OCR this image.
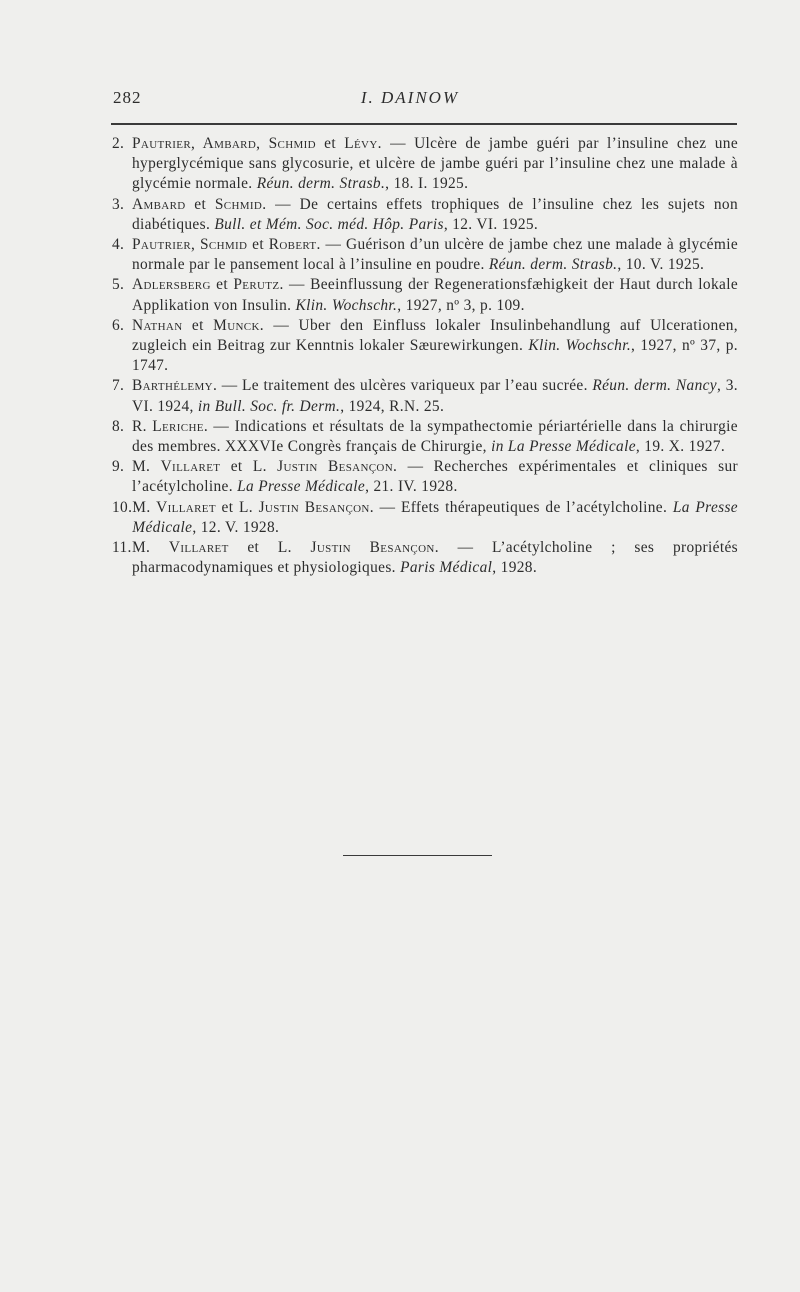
282	I. DAINOW
2. Pautrier, Ambard, Schmid et Lévy. — Ulcère de jambe guéri par l’insuline chez une hyperglycémique sans glycosurie, et ulcère de jambe guéri par l’insuline chez une malade à glycémie normale. Réun. derm. Strasb., 18. I. 1925.
3. Ambard et Schmid. — De certains effets trophiques de l’insuline chez les sujets non diabétiques. Bull. et Mém. Soc. méd. Hôp. Paris, 12. VI. 1925.
4. Pautrier, Schmid et Robert. — Guérison d’un ulcère de jambe chez une malade à glycémie normale par le pansement local à l’insuline en poudre. Réun. derm. Strasb., 10. V. 1925.
5. Adlersberg et Perutz. — Beeinflussung der Regenerationsfæhigkeit der Haut durch lokale Applikation von Insulin. Klin. Wochschr., 1927, nº 3, p. 109.
6. Nathan et Munck. — Uber den Einfluss lokaler Insulinbehandlung auf Ulcerationen, zugleich ein Beitrag zur Kenntnis lokaler Sæurewirkungen. Klin. Wochschr., 1927, nº 37, p. 1747.
7. Barthélemy. — Le traitement des ulcères variqueux par l’eau sucrée. Réun. derm. Nancy, 3. VI. 1924, in Bull. Soc. fr. Derm., 1924, R.N. 25.
8. R. Leriche. — Indications et résultats de la sympathectomie périartérielle dans la chirurgie des membres. XXXVIe Congrès français de Chirurgie, in La Presse Médicale, 19. X. 1927.
9. M. Villaret et L. Justin Besançon. — Recherches expérimentales et cliniques sur l’acétylcholine. La Presse Médicale, 21. IV. 1928.
10. M. Villaret et L. Justin Besançon. — Effets thérapeutiques de l’acétylcholine. La Presse Médicale, 12. V. 1928.
11. M. Villaret et L. Justin Besançon. — L’acétylcholine ; ses propriétés pharmacodynamiques et physiologiques. Paris Médical, 1928.
